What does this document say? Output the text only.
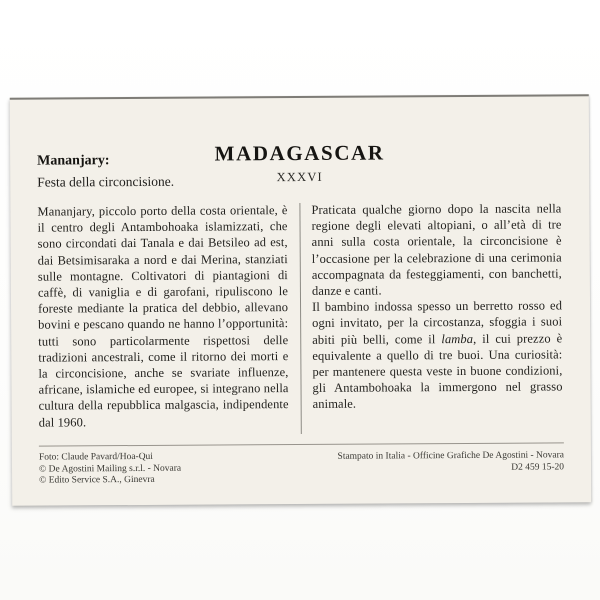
MADAGASCAR
XXXVI
Mananjary:
Festa della circoncisione.

Mananjary, piccolo porto della costa orientale, è il centro degli Antambohoaka islamizzati, che sono circondati dai Tanala e dai Betsileo ad est, dai Betsimisaraka a nord e dai Merina, stanziati sulle montagne. Coltivatori di piantagioni di caffè, di vaniglia e di garofani, ripuliscono le foreste mediante la pratica del debbio, allevano bovini e pescano quando ne hanno l’opportunità: tutti sono particolarmente rispettosi delle tradizioni ancestrali, come il ritorno dei morti e la circoncisione, anche se svariate influenze, africane, islamiche ed europee, si integrano nella cultura della repubblica malgascia, indipendente dal 1960.

Praticata qualche giorno dopo la nascita nella regione degli elevati altopiani, o all’età di tre anni sulla costa orientale, la circoncisione è l’occasione per la celebrazione di una cerimonia accompagnata da festeggiamenti, con banchetti, danze e canti.

Il bambino indossa spesso un berretto rosso ed ogni invitato, per la circostanza, sfoggia i suoi abiti più belli, come il lamba, il cui prezzo è equivalente a quello di tre buoi. Una curiosità: per mantenere questa veste in buone condizioni, gli Antambohoaka la immergono nel grasso animale.

Foto: Claude Pavard/Hoa-Qui
© De Agostini Mailing s.r.l. - Novara
© Edito Service S.A., Ginevra
Stampato in Italia - Officine Grafiche De Agostini - Novara
D2 459 15-20
